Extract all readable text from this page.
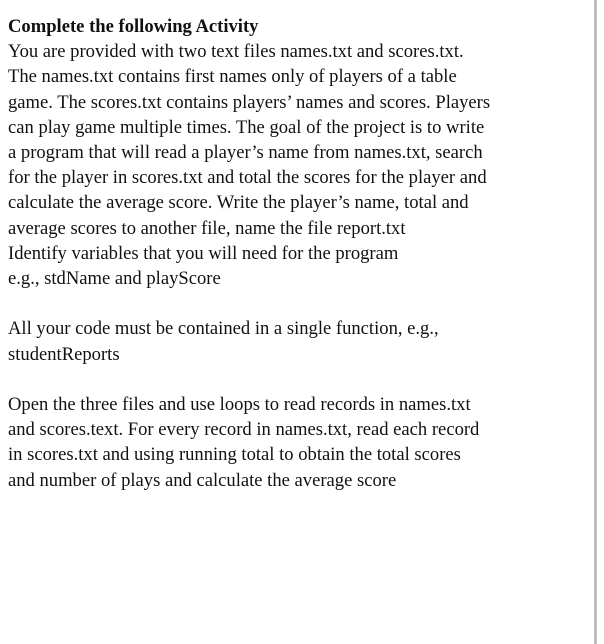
Complete the following Activity
You are provided with two text files names.txt and scores.txt.
The names.txt contains first names only of players of a table
game. The scores.txt contains players’ names and scores. Players
can play game multiple times. The goal of the project is to write
a program that will read a player’s name from names.txt, search
for the player in scores.txt and total the scores for the player and
calculate the average score. Write the player’s name, total and
average scores to another file, name the file report.txt
Identify variables that you will need for the program
e.g., stdName and playScore
All your code must be contained in a single function, e.g.,
studentReports
Open the three files and use loops to read records in names.txt
and scores.text. For every record in names.txt, read each record
in scores.txt and using running total to obtain the total scores
and number of plays and calculate the average score
